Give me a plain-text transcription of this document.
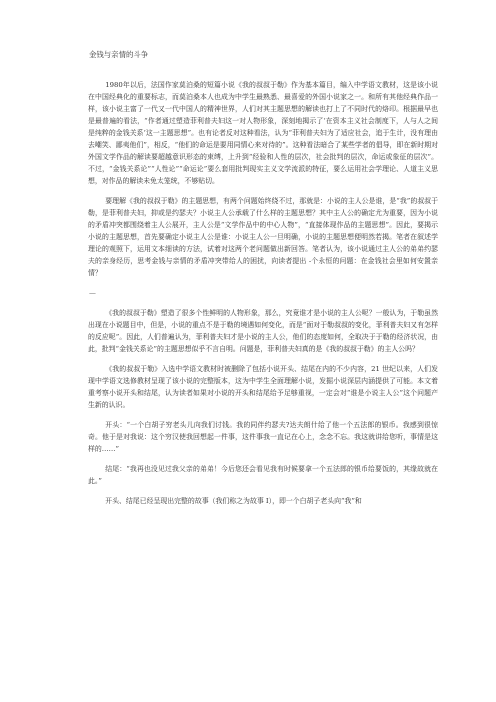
金钱与亲情的斗争

1980年以后，法国作家莫泊桑的短篇小说《我的叔叔于勒》作为基本篇目，编入中学语文教材，这是该小说在中国经典化的重要标志，而莫泊桑本人也成为中学生最熟悉、最喜爱的外国小说家之一。和所有其他经典作品一样，该小说主富了一代又一代中国人的精神世界，人们对其主题思想的解读也打上了不同时代的烙印。根据最早也是最普遍的看法，“作者通过塑造菲利普夫妇这一对人物形象，深刻地揭示了‘在资本主义社会制度下，人与人之间是纯粹的金钱关系’这一主题思想”。也有论者反对这种看法，认为“菲利普夫妇为了适应社会，追于生计，没有理由去嘲笑、鄙夷他们”，相反，“他们的命运是要用同情心来对待的”。这种看法暗合了某些学者的倡导，即在新时期对外国文学作品的解读要超越意识形态的束缚，上升到“经验和人性的层次，社会批判的层次，命运或象征的层次”。不过，“金钱关系论”“人性论”“命运论”要么套用批判现实主义文学流派的特征，要么运用社会学理论、人道主义思想，对作品的解读未免太笼统，不够贴切。

要理解《我的叔叔于勒》的主题思想，有两个问题始终绕不过，那就是：小说的主人公是谁，是“我”的叔叔于勒，是菲利普夫妇，抑或是约瑟夫？小说主人公承载了什么样的主题思想？其中主人公的确定尤为重要，因为小说的矛盾冲突都围绕着主人公展开，主人公是“文学作品中的中心人物”，“直接体现作品的主题思想”。因此，要揭示小说的主题思想，首先要确定小说主人公是谁：小说主人公一旦明确，小说的主题思想便明然若揭。笔者在叙述学理论的观照下，运用文本细读的方法，试着对这两个老问题做出新回答。笔者认为，该小说通过主人公的弟弟约瑟夫的亲身经历，思考金钱与亲情的矛盾冲突带给人的困扰，向读者提出 -个永恒的问题：在金钱社会里如何安置亲情？

—

《我的叔叔于勒》塑造了很多个性鲜明的人物形象，那么，究竟谁才是小说的主人公呢？一般认为，于勒虽然出现在小说题目中，但是，小说的重点不是于勒的境遇如何变化，而是“面对于勒叔叔的变化，菲利普夫妇又有怎样的反应呢”。因此，人们普遍认为，菲利普夫妇才是小说的主人公，他们的态度如何，全取决于于勒的经济状况，由此，批判“金钱关系论”的主题思想似乎不言自明。问题是，菲利普夫妇真的是《我的叔叔于勒》的主人公吗？

《我的叔叔于勒》入选中学语文教材时被删除了包括小说开头、结尾在内的不少内容，21 世纪以来，人们发现中学语文选修教材呈现了该小说的完整版本，这为中学生全面理解小说，发掘小说深层内涵提供了可能。本文着重考察小说开头和结尾，认为读者如果对小说的开头和结尾给予足够重视，一定会对“谁是小说主人公”这个问题产生新的认识。

开头：“一个白胡子穷老头儿向我们讨钱。我的同伴约瑟夫?达夫朗什给了他一个五法郎的银币。我感到很惊奇。他于是对我说：这个穷汉使我回想起一件事，这件事我一直记在心上，念念不忘。我这就讲给您听，事情是这样的……”

结尾：“我再也没见过我父亲的弟弟！今后您还会看见我有时候要拿一个五法郎的银币给要饭的，其缘故就在此。”

开头、结尾已经呈现出完整的故事（我们称之为故事 I），即一个白胡子老头向“我”和
